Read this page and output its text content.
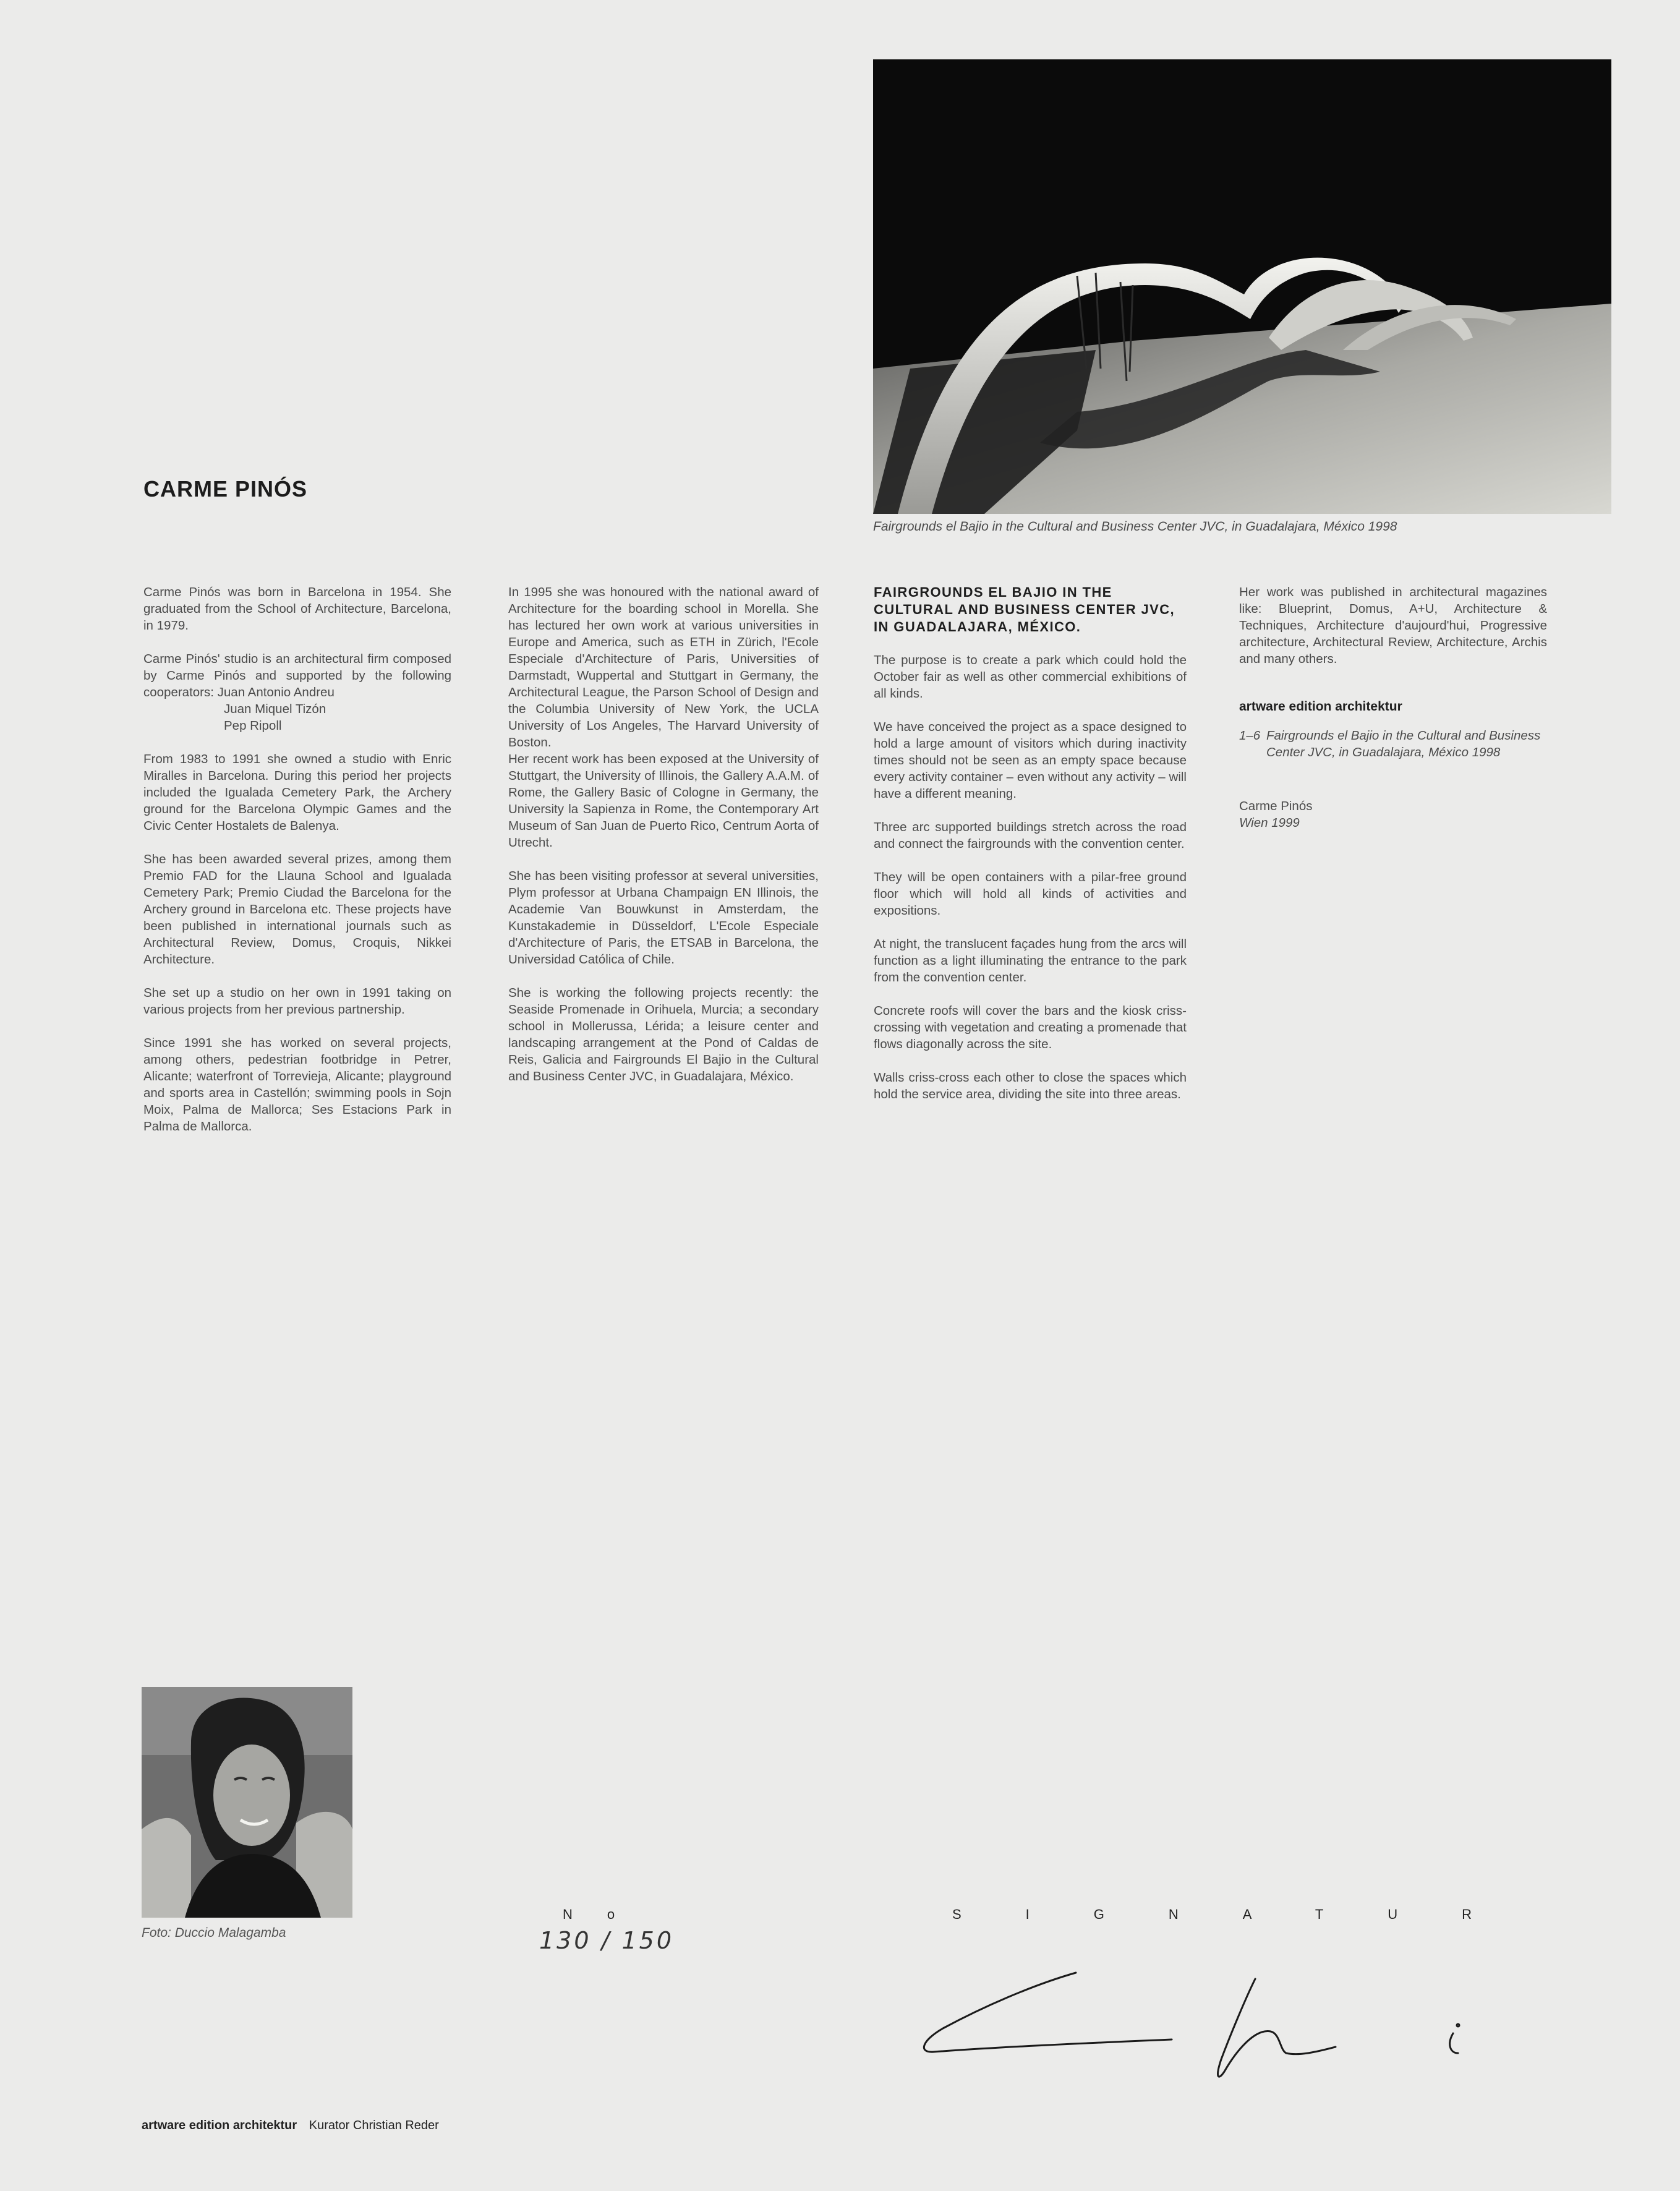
CARME PINÓS
Fairgrounds el Bajio in the Cultural and Business Center JVC, in Guadalajara, México 1998

Carme Pinós was born in Barcelona in 1954. She graduated from the School of Architecture, Barcelona, in 1979.

Carme Pinós' studio is an architectural firm composed by Carme Pinós and supported by the following cooperators: Juan Antonio Andreu
Juan Miquel Tizón
Pep Ripoll

From 1983 to 1991 she owned a studio with Enric Miralles in Barcelona. During this period her projects included the Igualada Cemetery Park, the Archery ground for the Barcelona Olympic Games and the Civic Center Hostalets de Balenya.

She has been awarded several prizes, among them Premio FAD for the Llauna School and Igualada Cemetery Park; Premio Ciudad the Barcelona for the Archery ground in Barcelona etc. These projects have been published in international journals such as Architectural Review, Domus, Croquis, Nikkei Architecture.

She set up a studio on her own in 1991 taking on various projects from her previous partnership.

Since 1991 she has worked on several projects, among others, pedestrian footbridge in Petrer, Alicante; waterfront of Torrevieja, Alicante; playground and sports area in Castellón; swimming pools in Sojn Moix, Palma de Mallorca; Ses Estacions Park in Palma de Mallorca.

In 1995 she was honoured with the national award of Architecture for the boarding school in Morella. She has lectured her own work at various universities in Europe and America, such as ETH in Zürich, l'Ecole Especiale d'Architecture of Paris, Universities of Darmstadt, Wuppertal and Stuttgart in Germany, the Architectural League, the Parson School of Design and the Columbia University of New York, the UCLA University of Los Angeles, The Harvard University of Boston.

Her recent work has been exposed at the University of Stuttgart, the University of Illinois, the Gallery A.A.M. of Rome, the Gallery Basic of Cologne in Germany, the University la Sapienza in Rome, the Contemporary Art Museum of San Juan de Puerto Rico, Centrum Aorta of Utrecht.

She has been visiting professor at several universities, Plym professor at Urbana Champaign EN Illinois, the Academie Van Bouwkunst in Amsterdam, the Kunstakademie in Düsseldorf, L'Ecole Especiale d'Architecture of Paris, the ETSAB in Barcelona, the Universidad Católica of Chile.

She is working the following projects recently: the Seaside Promenade in Orihuela, Murcia; a secondary school in Mollerussa, Lérida; a leisure center and landscaping arrangement at the Pond of Caldas de Reis, Galicia and Fairgrounds El Bajio in the Cultural and Business Center JVC, in Guadalajara, México.

FAIRGROUNDS EL BAJIO IN THE CULTURAL AND BUSINESS CENTER JVC, IN GUADALAJARA, MÉXICO.

The purpose is to create a park which could hold the October fair as well as other commercial exhibitions of all kinds.

We have conceived the project as a space designed to hold a large amount of visitors which during inactivity times should not be seen as an empty space because every activity container – even without any activity – will have a different meaning.

Three arc supported buildings stretch across the road and connect the fairgrounds with the convention center.

They will be open containers with a pilar-free ground floor which will hold all kinds of activities and expositions.

At night, the translucent façades hung from the arcs will function as a light illuminating the entrance to the park from the convention center.

Concrete roofs will cover the bars and the kiosk criss-crossing with vegetation and creating a promenade that flows diagonally across the site.

Walls criss-cross each other to close the spaces which hold the service area, dividing the site into three areas.

Her work was published in architectural magazines like: Blueprint, Domus, A+U, Architecture & Techniques, Architecture d'aujourd'hui, Progressive architecture, Architectural Review, Architecture, Archis and many others.

artware edition architektur
1–6 Fairgrounds el Bajio in the Cultural and Business Center JVC, in Guadalajara, México 1998

Carme Pinós
Wien 1999

Foto: Duccio Malagamba
No
130 / 150
SIGNATUR
artware edition architektur Kurator Christian Reder
